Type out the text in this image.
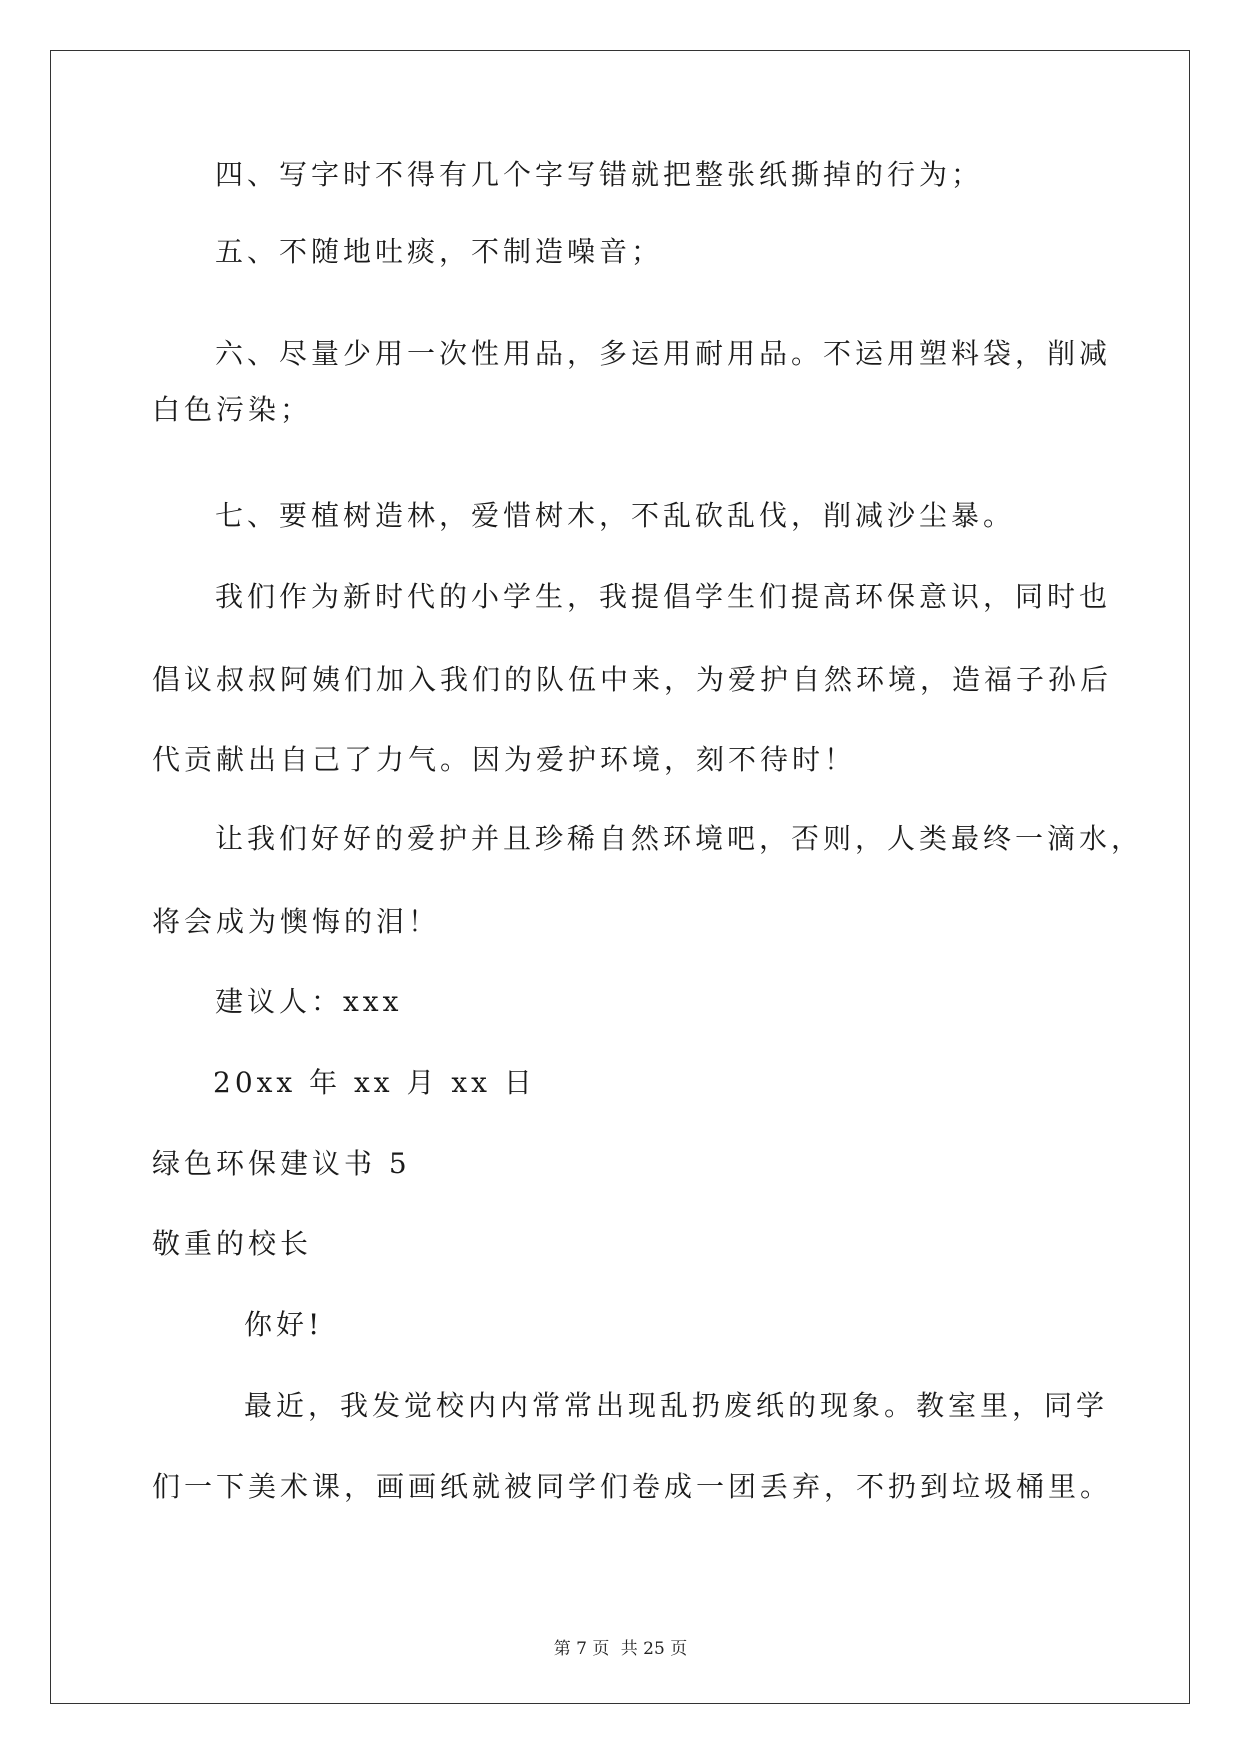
四、写字时不得有几个字写错就把整张纸撕掉的行为；
五、不随地吐痰，不制造噪音；
六、尽量少用一次性用品，多运用耐用品。不运用塑料袋，削减
白色污染；
七、要植树造林，爱惜树木，不乱砍乱伐，削减沙尘暴。
我们作为新时代的小学生，我提倡学生们提高环保意识，同时也
倡议叔叔阿姨们加入我们的队伍中来，为爱护自然环境，造福子孙后
代贡献出自己了力气。因为爱护环境，刻不待时！
让我们好好的爱护并且珍稀自然环境吧，否则，人类最终一滴水，
将会成为懊悔的泪！
建议人：xxx
20xx 年 xx 月 xx 日
绿色环保建议书 5
敬重的校长
你好!
最近，我发觉校内内常常出现乱扔废纸的现象。教室里，同学
们一下美术课，画画纸就被同学们卷成一团丢弃，不扔到垃圾桶里。
第 7 页 共 25 页
